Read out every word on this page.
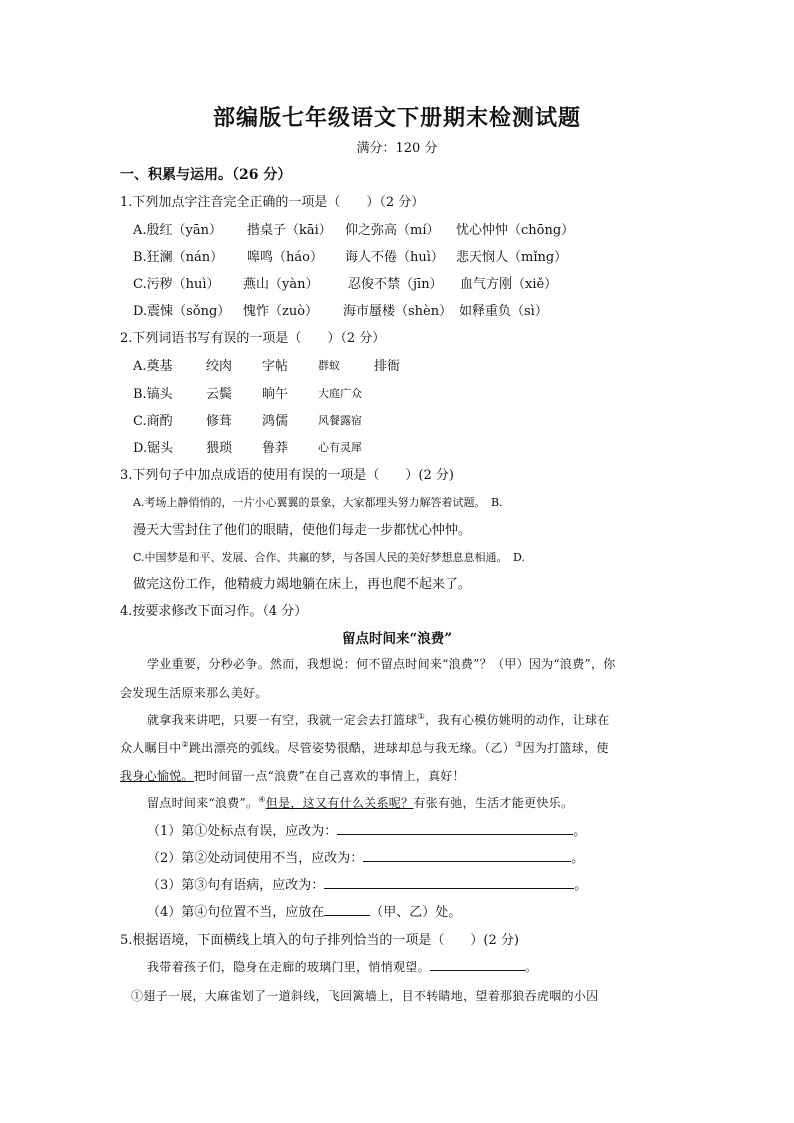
部编版七年级语文下册期末检测试题
满分：120 分
一、积累与运用。（26 分）
1.下列加点字注音完全正确的一项是（　　）（2 分）
A.殷红（yān） 揩桌子（kāi） 仰之弥高（mí） 忧心忡忡（chōng）
B.狂澜（nán） 嗥鸣（háo） 诲人不倦（huì） 悲天悯人（mǐng）
C.污秽（huì） 燕山（yàn） 忍俊不禁（jīn） 血气方刚（xiě）
D.震悚（sǒng） 愧怍（zuò） 海市蜃楼（shèn） 如释重负（sì）
2.下列词语书写有误的一项是（　　）（2 分）
A.奠基	绞肉 字帖	群蚁	排衙
B.镐头	云鬓 晌午	大庭广众
C.商酌	修葺 鸿儒	风餐露宿
D.锯头	猥琐 鲁莽	心有灵犀
3.下列句子中加点成语的使用有误的一项是（　　）(2 分)
A.考场上静悄悄的，一片小心翼翼的景象，大家都埋头努力解答着试题。　B.
漫天大雪封住了他们的眼睛，使他们每走一步都忧心忡忡。
C.中国梦是和平、发展、合作、共赢的梦，与各国人民的美好梦想息息相通。　D.
做完这份工作，他精疲力竭地躺在床上，再也爬不起来了。
4.按要求修改下面习作。（4 分）
留点时间来“浪费”
学业重要，分秒必争。然而，我想说：何不留点时间来“浪费”？（甲）因为“浪费”，你
会发现生活原来那么美好。
就拿我来讲吧，只要一有空，我就一定会去打篮球①，我有心模仿姚明的动作，让球在
众人瞩目中②跳出漂亮的弧线。尽管姿势很酷，进球却总与我无缘。（乙）③因为打篮球，使
我身心愉悦。把时间留一点“浪费”在自己喜欢的事情上，真好！
留点时间来“浪费”。④但是，这又有什么关系呢？有张有弛，生活才能更快乐。
（1）第①处标点有误，应改为：	。
（2）第②处动词使用不当，应改为：	。
（3）第③句有语病，应改为：	。
（4）第④句位置不当，应放在	（甲、乙）处。
5.根据语境，下面横线上填入的句子排列恰当的一项是（　　）(2 分)
我带着孩子们，隐身在走廊的玻璃门里，悄悄观望。	。
①翅子一展，大麻雀划了一道斜线，飞回篱墙上，目不转睛地，望着那狼吞虎咽的小囚
